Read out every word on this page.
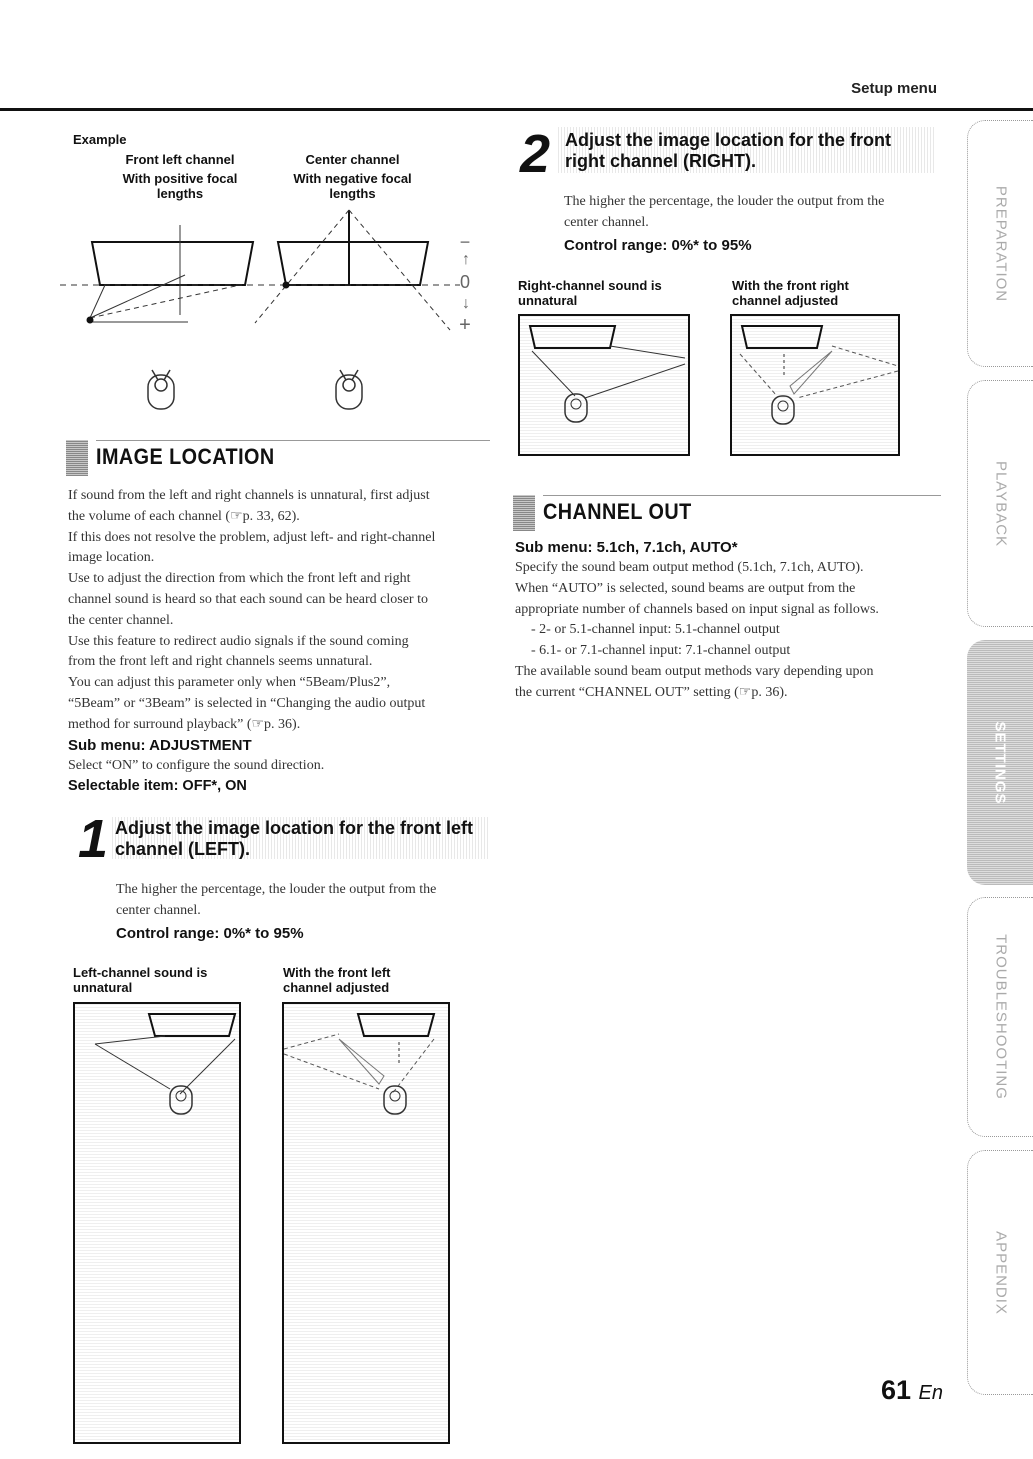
Setup menu
Example
Front left channel
With positive focal
lengths
Center channel
With negative focal
lengths
−
↑
0
↓
+
IMAGE LOCATION

If sound from the left and right channels is unnatural, first adjust

the volume of each channel (☞p. 33, 62).

If this does not resolve the problem, adjust left- and right-channel

image location.

Use to adjust the direction from which the front left and right

channel sound is heard so that each sound can be heard closer to

the center channel.

Use this feature to redirect audio signals if the sound coming

from the front left and right channels seems unnatural.

You can adjust this parameter only when “5Beam/Plus2”,

“5Beam” or “3Beam” is selected in “Changing the audio output

method for surround playback” (☞p. 36).

Sub menu: ADJUSTMENT

Select “ON” to configure the sound direction.

Selectable item: OFF*, ON
1 Adjust the image location for the front left
channel (LEFT).

The higher the percentage, the louder the output from the

center channel.

Control range: 0%* to 95%
Left-channel sound is
unnatural
With the front left
channel adjusted
2 Adjust the image location for the front
right channel (RIGHT).

The higher the percentage, the louder the output from the

center channel.

Control range: 0%* to 95%
Right-channel sound is
unnatural
With the front right
channel adjusted
CHANNEL OUT
Sub menu: 5.1ch, 7.1ch, AUTO*

Specify the sound beam output method (5.1ch, 7.1ch, AUTO).

When “AUTO” is selected, sound beams are output from the

appropriate number of channels based on input signal as follows.

- 2- or 5.1-channel input: 5.1-channel output

- 6.1- or 7.1-channel input: 7.1-channel output

The available sound beam output methods vary depending upon

the current “CHANNEL OUT” setting (☞p. 36).

PREPARATION
PLAYBACK
SETTINGS
TROUBLESHOOTING
APPENDIX
61 En
